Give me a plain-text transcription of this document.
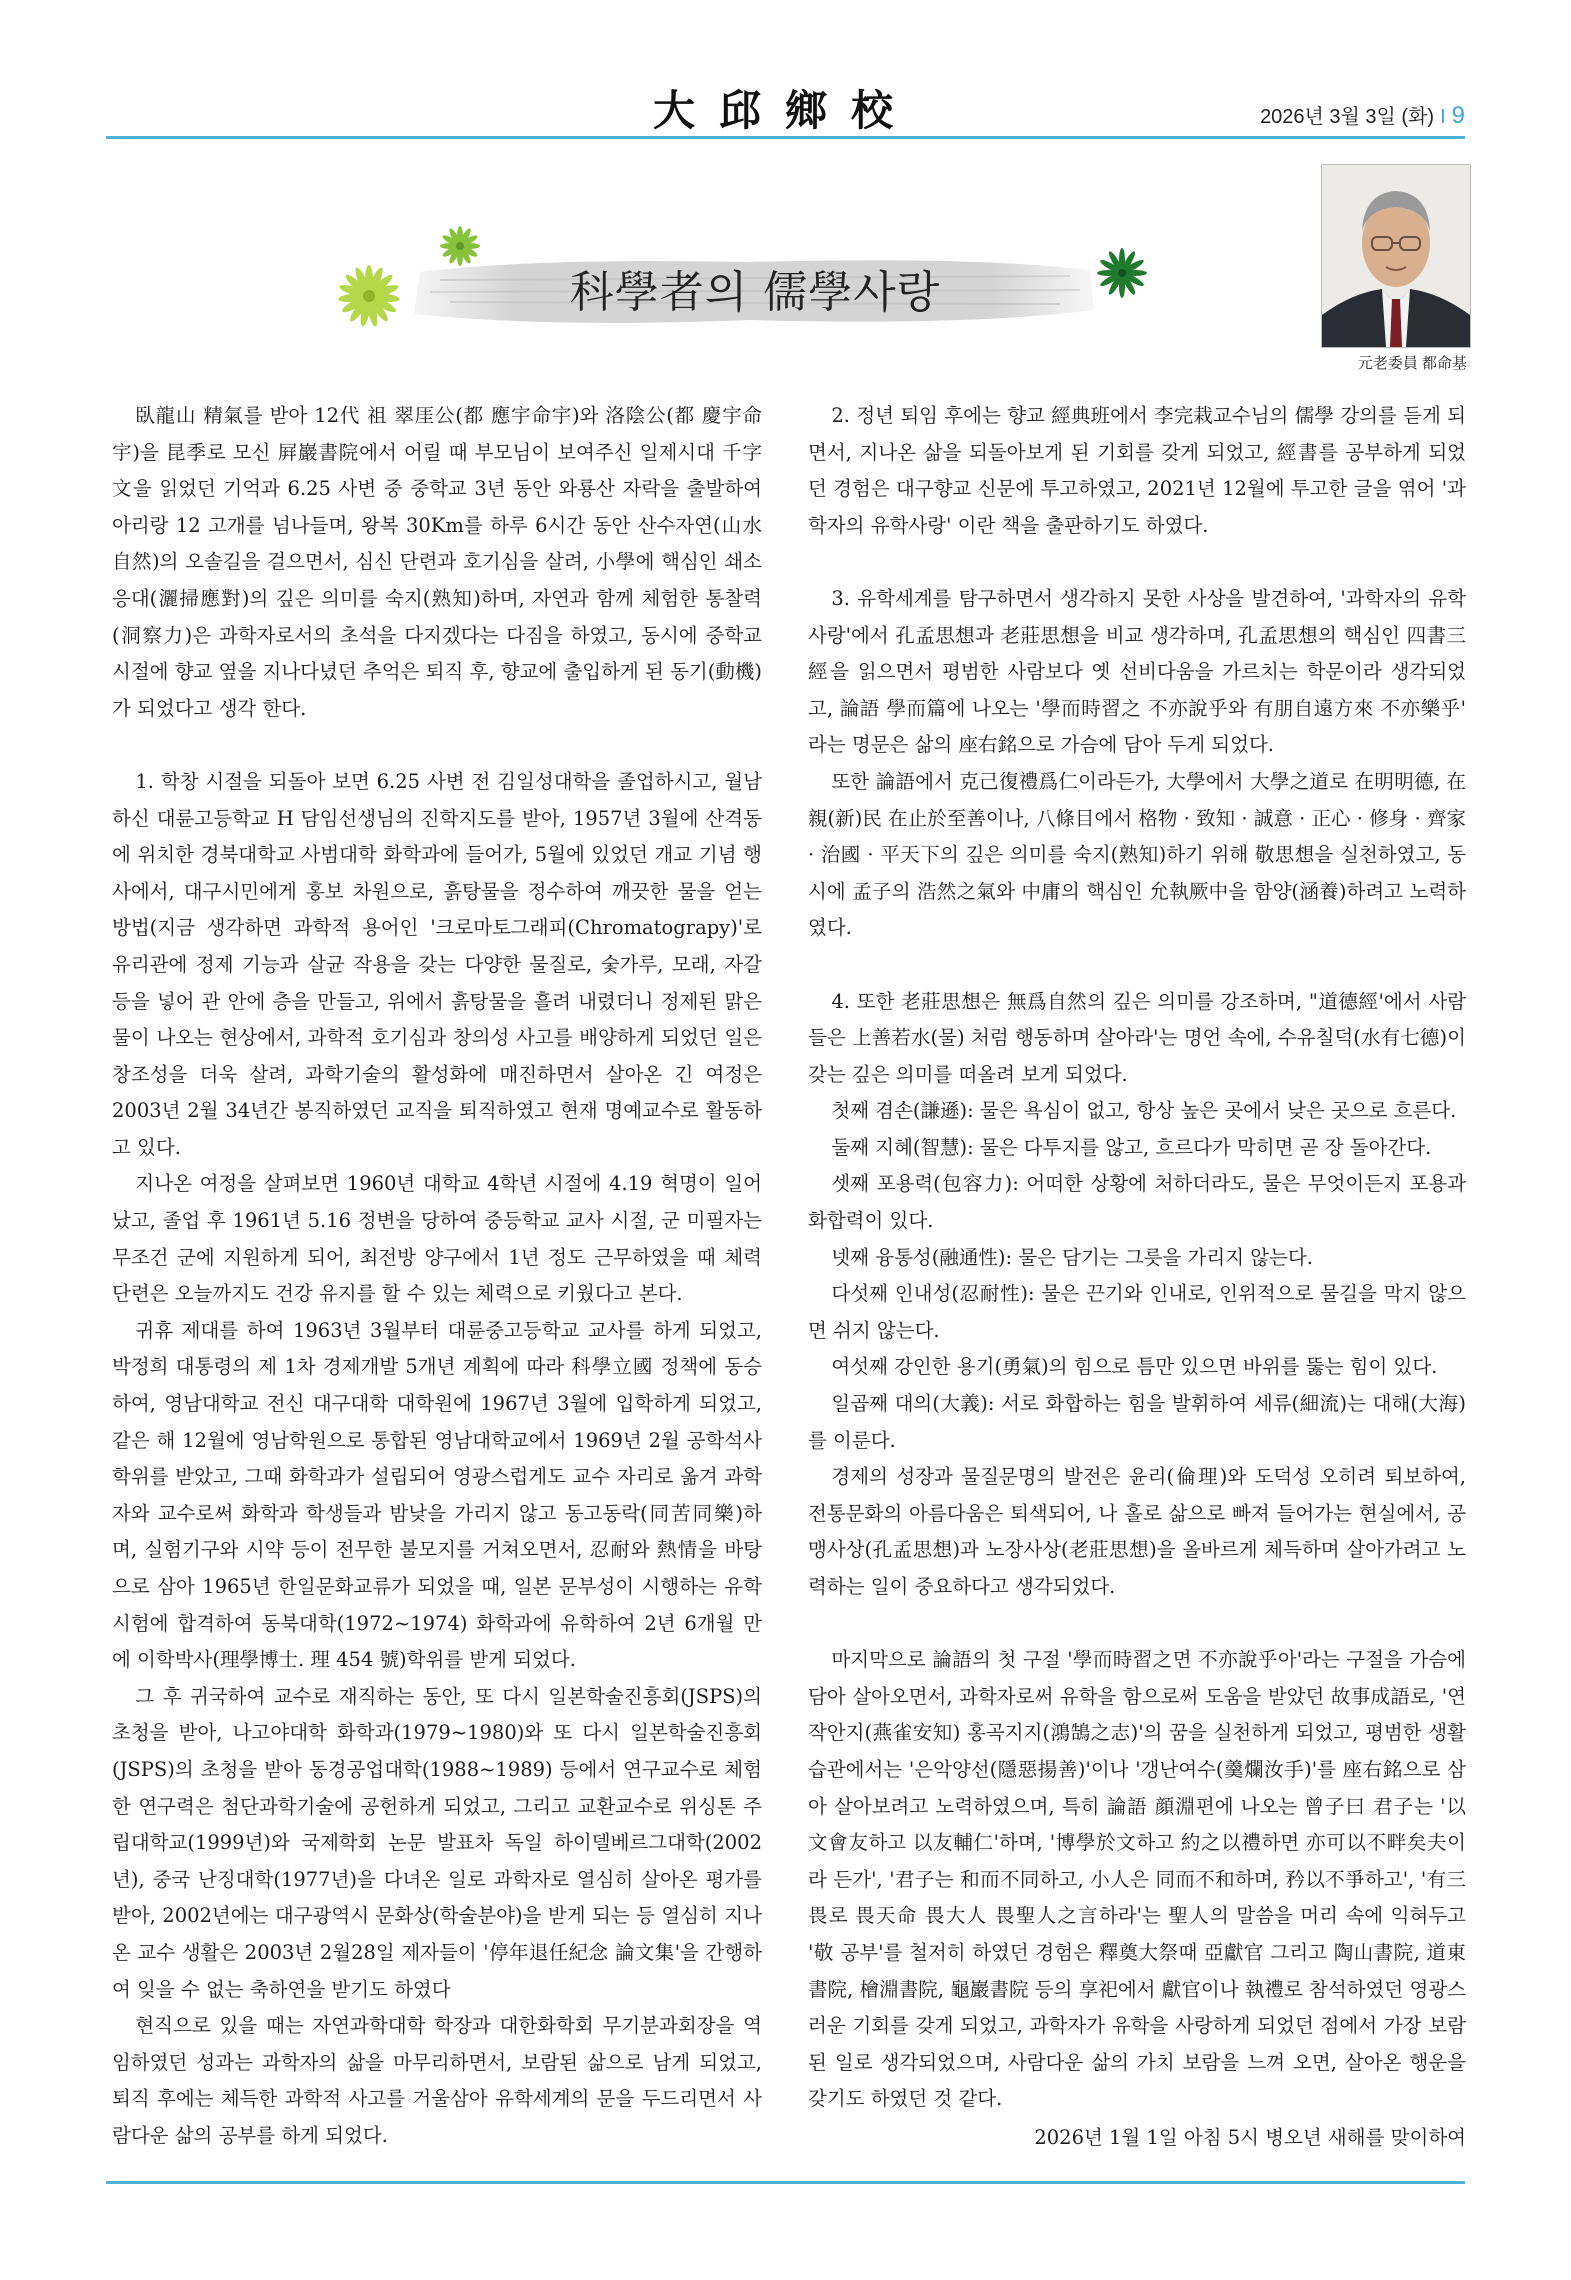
大邱鄉校	2026년 3월 3일 (화) I 9
科學者의 儒學사랑
元老委員 都命基

臥龍山 精氣를 받아 12代 祖 翠厓公(都 應宇命宇)와 洛陰公(都 慶宇命宇)을 昆季로 모신 屛巖書院에서 어릴 때 부모님이 보여주신 일제시대 千字文을 읽었던 기억과 6.25 사변 중 중학교 3년 동안 와룡산 자락을 출발하여 아리랑 12 고개를 넘나들며, 왕복 30Km를 하루 6시간 동안 산수자연(山水自然)의 오솔길을 걸으면서, 심신 단련과 호기심을 살려, 小學에 핵심인 쇄소응대(灑掃應對)의 깊은 의미를 숙지(熟知)하며, 자연과 함께 체험한 통찰력(洞察力)은 과학자로서의 초석을 다지겠다는 다짐을 하였고, 동시에 중학교 시절에 향교 옆을 지나다녔던 추억은 퇴직 후, 향교에 출입하게 된 동기(動機)가 되었다고 생각 한다.

1. 학창 시절을 되돌아 보면 6.25 사변 전 김일성대학을 졸업하시고, 월남하신 대륜고등학교 H 담임선생님의 진학지도를 받아, 1957년 3월에 산격동에 위치한 경북대학교 사범대학 화학과에 들어가, 5월에 있었던 개교 기념 행사에서, 대구시민에게 홍보 차원으로, 흙탕물을 정수하여 깨끗한 물을 얻는 방법(지금 생각하면 과학적 용어인 '크로마토그래피(Chromatograpy)'로 유리관에 정제 기능과 살균 작용을 갖는 다양한 물질로, 숯가루, 모래, 자갈 등을 넣어 관 안에 층을 만들고, 위에서 흙탕물을 흘려 내렸더니 정제된 맑은 물이 나오는 현상에서, 과학적 호기심과 창의성 사고를 배양하게 되었던 일은 창조성을 더욱 살려, 과학기술의 활성화에 매진하면서 살아온 긴 여정은 2003년 2월 34년간 봉직하였던 교직을 퇴직하였고 현재 명예교수로 활동하고 있다.

지나온 여정을 살펴보면 1960년 대학교 4학년 시절에 4.19 혁명이 일어났고, 졸업 후 1961년 5.16 정변을 당하여 중등학교 교사 시절, 군 미필자는 무조건 군에 지원하게 되어, 최전방 양구에서 1년 정도 근무하였을 때 체력 단련은 오늘까지도 건강 유지를 할 수 있는 체력으로 키웠다고 본다.

귀휴 제대를 하여 1963년 3월부터 대륜중고등학교 교사를 하게 되었고, 박정희 대통령의 제 1차 경제개발 5개년 계획에 따라 科學立國 정책에 동승 하여, 영남대학교 전신 대구대학 대학원에 1967년 3월에 입학하게 되었고, 같은 해 12월에 영남학원으로 통합된 영남대학교에서 1969년 2월 공학석사 학위를 받았고, 그때 화학과가 설립되어 영광스럽게도 교수 자리로 옮겨 과학자와 교수로써 화학과 학생들과 밤낮을 가리지 않고 동고동락(同苦同樂)하며, 실험기구와 시약 등이 전무한 불모지를 거쳐오면서, 忍耐와 熱情을 바탕으로 삼아 1965년 한일문화교류가 되었을 때, 일본 문부성이 시행하는 유학 시험에 합격하여 동북대학(1972~1974) 화학과에 유학하여 2년 6개월 만에 이학박사(理學博士. 理 454 號)학위를 받게 되었다.

그 후 귀국하여 교수로 재직하는 동안, 또 다시 일본학술진흥회(JSPS)의 초청을 받아, 나고야대학 화학과(1979~1980)와 또 다시 일본학술진흥회(JSPS)의 초청을 받아 동경공업대학(1988~1989) 등에서 연구교수로 체험한 연구력은 첨단과학기술에 공헌하게 되었고, 그리고 교환교수로 위싱톤 주립대학교(1999년)와 국제학회 논문 발표차 독일 하이델베르그대학(2002년), 중국 난징대학(1977년)을 다녀온 일로 과학자로 열심히 살아온 평가를 받아, 2002년에는 대구광역시 문화상(학술분야)을 받게 되는 등 열심히 지나온 교수 생활은 2003년 2월28일 제자들이 '停年退任紀念 論文集'을 간행하여 잊을 수 없는 축하연을 받기도 하였다

현직으로 있을 때는 자연과학대학 학장과 대한화학회 무기분과회장을 역임하였던 성과는 과학자의 삶을 마무리하면서, 보람된 삶으로 남게 되었고, 퇴직 후에는 체득한 과학적 사고를 거울삼아 유학세계의 문을 두드리면서 사람다운 삶의 공부를 하게 되었다.

2. 정년 퇴임 후에는 향교 經典班에서 李完栽교수님의 儒學 강의를 듣게 되면서, 지나온 삶을 되돌아보게 된 기회를 갖게 되었고, 經書를 공부하게 되었던 경험은 대구향교 신문에 투고하였고, 2021년 12월에 투고한 글을 엮어 '과학자의 유학사랑' 이란 책을 출판하기도 하였다.

3. 유학세계를 탐구하면서 생각하지 못한 사상을 발견하여, '과학자의 유학사랑'에서 孔孟思想과 老莊思想을 비교 생각하며, 孔孟思想의 핵심인 四書三經을 읽으면서 평범한 사람보다 옛 선비다움을 가르치는 학문이라 생각되었고, 論語 學而篇에 나오는 '學而時習之 不亦說乎와 有朋自遠方來 不亦樂乎' 라는 명문은 삶의 座右銘으로 가슴에 담아 두게 되었다.

또한 論語에서 克己復禮爲仁이라든가, 大學에서 大學之道로 在明明德, 在親(新)民 在止於至善이나, 八條目에서 格物 · 致知 · 誠意 · 正心 · 修身 · 齊家 · 治國 · 平天下의 깊은 의미를 숙지(熟知)하기 위해 敬思想을 실천하였고, 동시에 孟子의 浩然之氣와 中庸의 핵심인 允執厥中을 함양(涵養)하려고 노력하였다.

4. 또한 老莊思想은 無爲自然의 깊은 의미를 강조하며, "道德經'에서 사람들은 上善若水(물) 처럼 행동하며 살아라'는 명언 속에, 수유칠덕(水有七德)이 갖는 깊은 의미를 떠올려 보게 되었다.

첫째 겸손(謙遜): 물은 욕심이 없고, 항상 높은 곳에서 낮은 곳으로 흐른다.

둘째 지혜(智慧): 물은 다투지를 않고, 흐르다가 막히면 곧 장 돌아간다.

셋째 포용력(包容力): 어떠한 상황에 처하더라도, 물은 무엇이든지 포용과 화합력이 있다.

넷째 융통성(融通性): 물은 담기는 그릇을 가리지 않는다.

다섯째 인내성(忍耐性): 물은 끈기와 인내로, 인위적으로 물길을 막지 않으면 쉬지 않는다.

여섯째 강인한 용기(勇氣)의 힘으로 틈만 있으면 바위를 뚫는 힘이 있다.

일곱째 대의(大義): 서로 화합하는 힘을 발휘하여 세류(細流)는 대해(大海)를 이룬다.

경제의 성장과 물질문명의 발전은 윤리(倫理)와 도덕성 오히려 퇴보하여, 전통문화의 아름다움은 퇴색되어, 나 홀로 삶으로 빠져 들어가는 현실에서, 공맹사상(孔孟思想)과 노장사상(老莊思想)을 올바르게 체득하며 살아가려고 노력하는 일이 중요하다고 생각되었다.

마지막으로 論語의 첫 구절 '學而時習之면 不亦說乎아'라는 구절을 가슴에 담아 살아오면서, 과학자로써 유학을 함으로써 도움을 받았던 故事成語로, '연작안지(燕雀安知) 홍곡지지(鴻鵠之志)'의 꿈을 실천하게 되었고, 평범한 생활 습관에서는 '은악양선(隱惡揚善)'이나 '갱난여수(羹爛汝手)'를 座右銘으로 삼아 살아보려고 노력하였으며, 특히 論語 顔淵편에 나오는 曾子曰 君子는 '以文會友하고 以友輔仁'하며, '博學於文하고 約之以禮하면 亦可以不畔矣夫이라 든가', '君子는 和而不同하고, 小人은 同而不和하며, 矜以不爭하고', '有三畏로 畏天命 畏大人 畏聖人之言하라'는 聖人의 말씀을 머리 속에 익혀두고 '敬 공부'를 철저히 하였던 경험은 釋奠大祭때 亞獻官 그리고 陶山書院, 道東書院, 檜淵書院, 龜巖書院 등의 享祀에서 獻官이나 執禮로 참석하였던 영광스러운 기회를 갖게 되었고, 과학자가 유학을 사랑하게 되었던 점에서 가장 보람된 일로 생각되었으며, 사람다운 삶의 가치 보람을 느껴 오면, 살아온 행운을 갖기도 하였던 것 같다.

2026년 1월 1일 아침 5시 병오년 새해를 맞이하여
